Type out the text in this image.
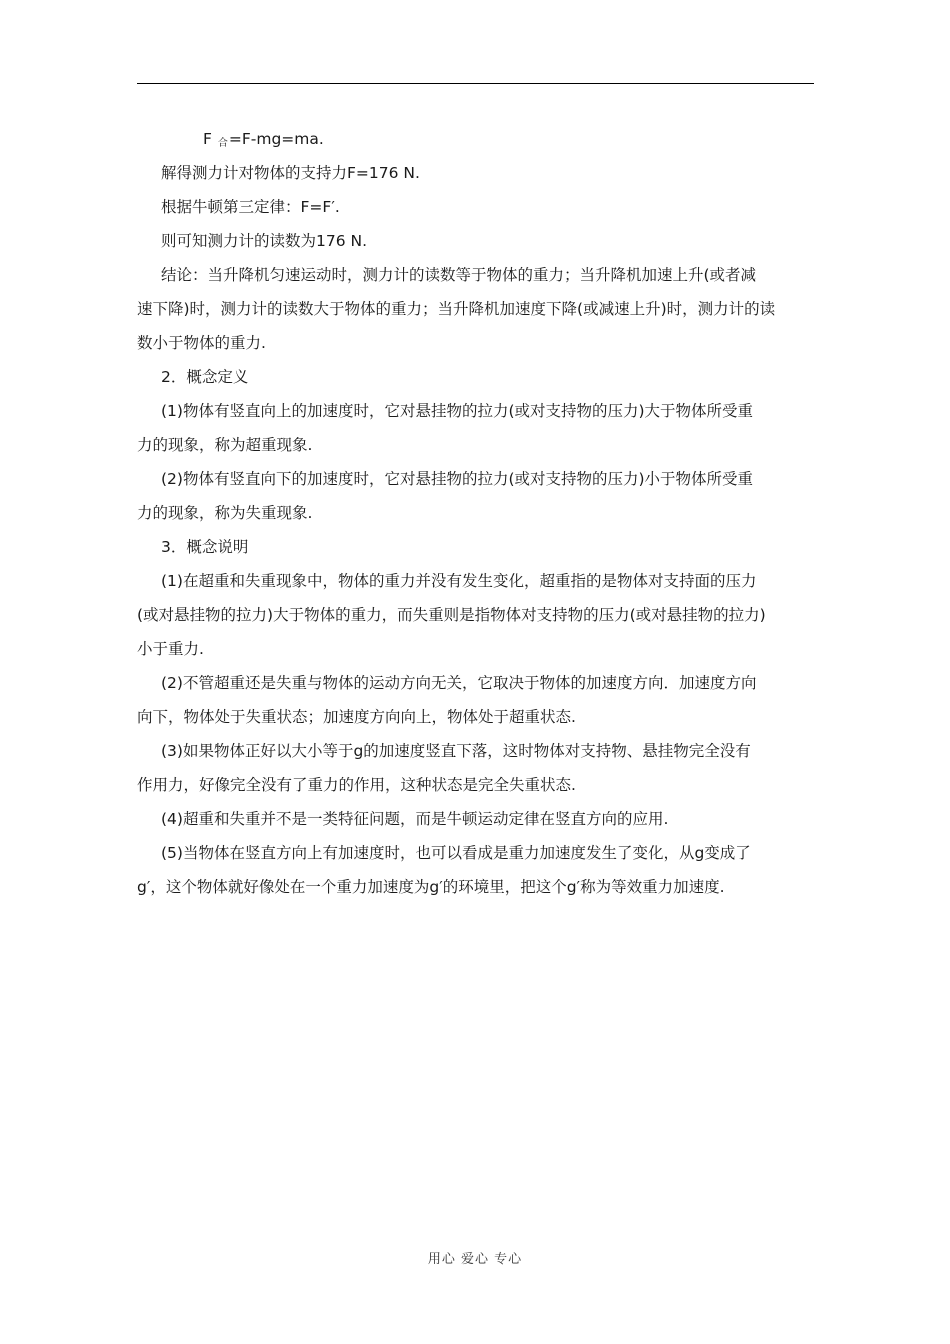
F $_合$=F-mg=ma.
解得测力计对物体的支持力F=176 N.
根据牛顿第三定律：F=F′.
则可知测力计的读数为176 N.
结论：当升降机匀速运动时，测力计的读数等于物体的重力；当升降机加速上升(或者减
速下降)时，测力计的读数大于物体的重力；当升降机加速度下降(或减速上升)时，测力计的读
数小于物体的重力.
2．概念定义
(1)物体有竖直向上的加速度时，它对悬挂物的拉力(或对支持物的压力)大于物体所受重
力的现象，称为超重现象.
(2)物体有竖直向下的加速度时，它对悬挂物的拉力(或对支持物的压力)小于物体所受重
力的现象，称为失重现象.
3．概念说明
(1)在超重和失重现象中，物体的重力并没有发生变化，超重指的是物体对支持面的压力
(或对悬挂物的拉力)大于物体的重力，而失重则是指物体对支持物的压力(或对悬挂物的拉力)
小于重力.
(2)不管超重还是失重与物体的运动方向无关，它取决于物体的加速度方向．加速度方向
向下，物体处于失重状态；加速度方向向上，物体处于超重状态.
(3)如果物体正好以大小等于g的加速度竖直下落，这时物体对支持物、悬挂物完全没有
作用力，好像完全没有了重力的作用，这种状态是完全失重状态.
(4)超重和失重并不是一类特征问题，而是牛顿运动定律在竖直方向的应用.
(5)当物体在竖直方向上有加速度时，也可以看成是重力加速度发生了变化，从g变成了
g′，这个物体就好像处在一个重力加速度为g′的环境里，把这个g′称为等效重力加速度.
用心 爱心 专心
